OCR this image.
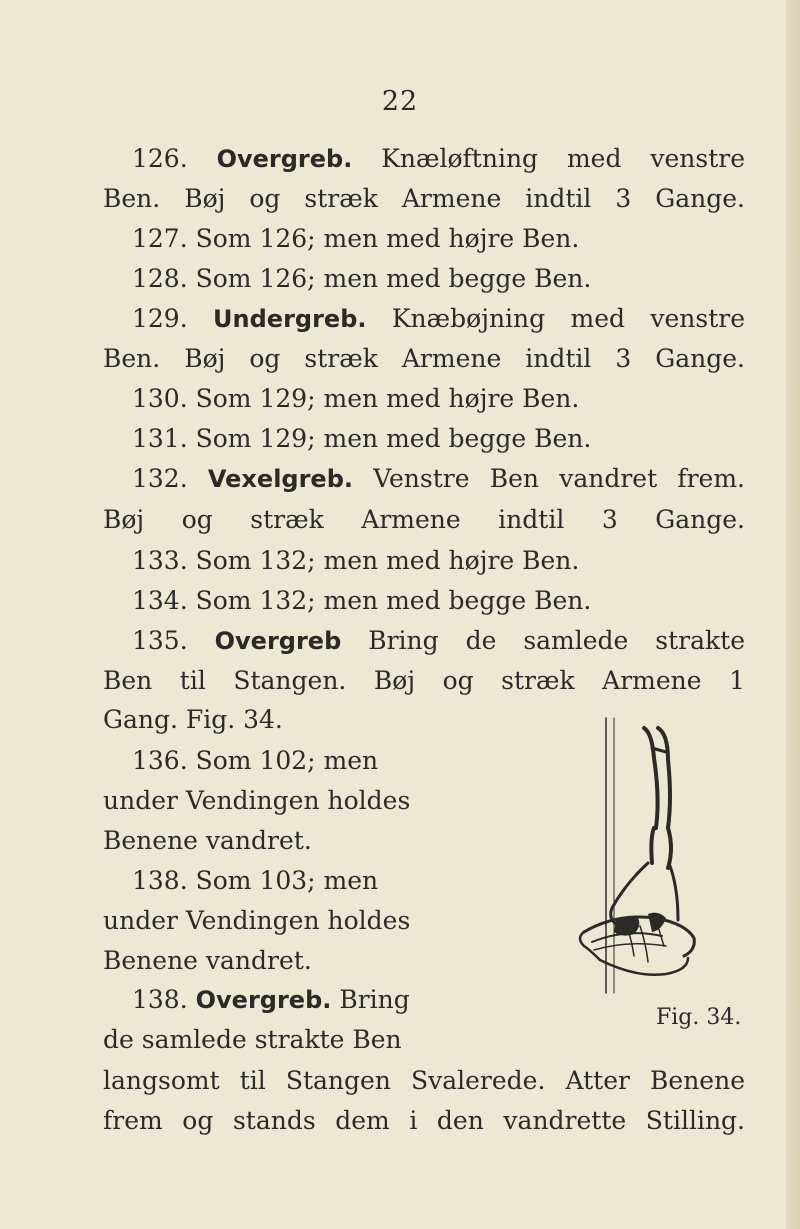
22
126. Overgreb. Knæløftning med venstre
Ben. Bøj og stræk Armene indtil 3 Gange.
127. Som 126; men med højre Ben.
128. Som 126; men med begge Ben.
129. Undergreb. Knæbøjning med venstre
Ben. Bøj og stræk Armene indtil 3 Gange.
130. Som 129; men med højre Ben.
131. Som 129; men med begge Ben.
132. Vexelgreb. Venstre Ben vandret frem.
Bøj og stræk Armene indtil 3 Gange.
133. Som 132; men med højre Ben.
134. Som 132; men med begge Ben.
135. Overgreb Bring de samlede strakte
Ben til Stangen. Bøj og stræk Armene 1
Gang. Fig. 34.
136. Som 102; men
under Vendingen holdes
Benene vandret.
138. Som 103; men
under Vendingen holdes
Benene vandret.
138. Overgreb. Bring
de samlede strakte Ben
langsomt til Stangen Svalerede. Atter Benene
frem og stands dem i den vandrette Stilling.
Fig. 34.
